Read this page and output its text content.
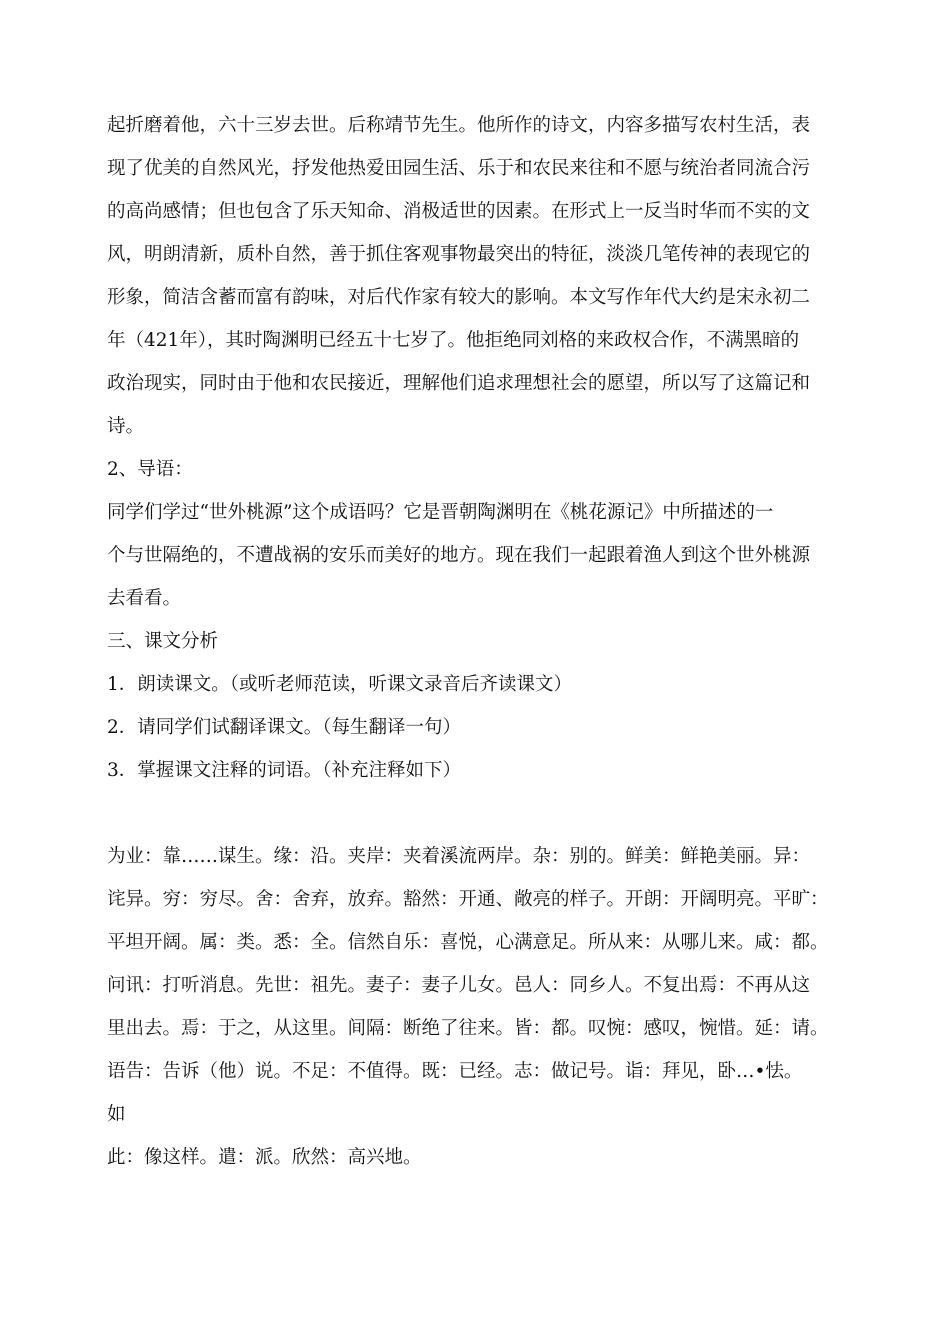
起折磨着他，六十三岁去世。后称靖节先生。他所作的诗文，内容多描写农村生活，表
现了优美的自然风光，抒发他热爱田园生活、乐于和农民来往和不愿与统治者同流合污
的高尚感情；但也包含了乐天知命、消极适世的因素。在形式上一反当时华而不实的文
风，明朗清新，质朴自然，善于抓住客观事物最突出的特征，淡淡几笔传神的表现它的
形象，简洁含蓄而富有韵味，对后代作家有较大的影响。本文写作年代大约是宋永初二
年（421年），其时陶渊明已经五十七岁了。他拒绝同刘格的来政权合作，不满黑暗的
政治现实，同时由于他和农民接近，理解他们追求理想社会的愿望，所以写了这篇记和
诗。
2、导语：
同学们学过“世外桃源”这个成语吗？它是晋朝陶渊明在《桃花源记》中所描述的一
个与世隔绝的，不遭战祸的安乐而美好的地方。现在我们一起跟着渔人到这个世外桃源
去看看。
三、课文分析
1．朗读课文。（或听老师范读，听课文录音后齐读课文）
2．请同学们试翻译课文。（每生翻译一句）
3．掌握课文注释的词语。（补充注释如下）
为业：靠……谋生。缘：沿。夹岸：夹着溪流两岸。杂：别的。鲜美：鲜艳美丽。异：
诧异。穷：穷尽。舍：舍弃，放弃。豁然：开通、敞亮的样子。开朗：开阔明亮。平旷：
平坦开阔。属：类。悉：全。信然自乐：喜悦，心满意足。所从来：从哪儿来。咸：都。
问讯：打听消息。先世：祖先。妻子：妻子儿女。邑人：同乡人。不复出焉：不再从这
里出去。焉：于之，从这里。间隔：断绝了往来。皆：都。叹惋：感叹，惋惜。延：请。
语告：告诉（他）说。不足：不值得。既：已经。志：做记号。诣：拜见，卧…•怯。
如
此：像这样。遣：派。欣然：高兴地。
